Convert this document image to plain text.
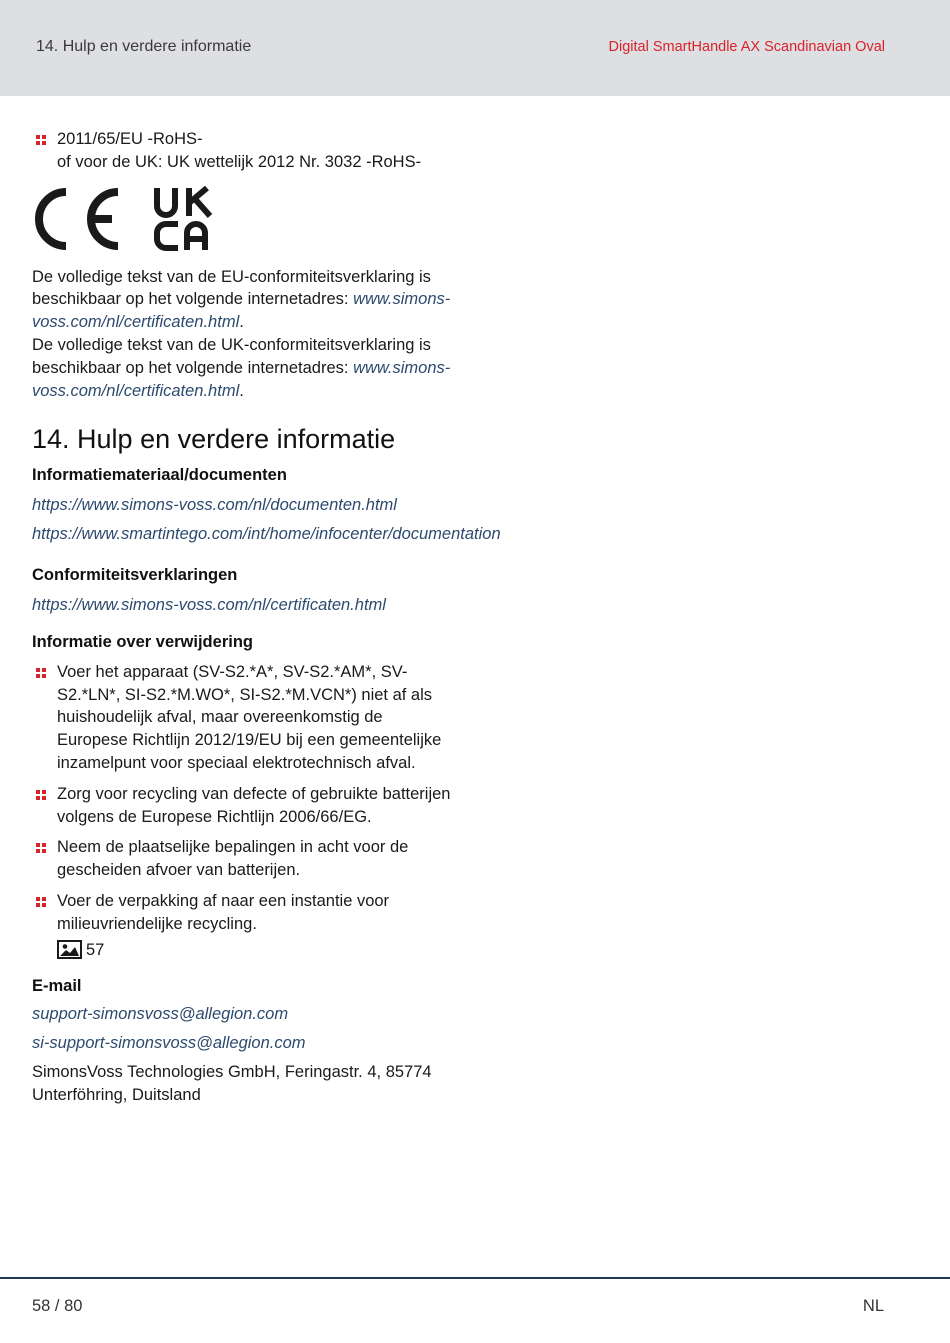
14. Hulp en verdere informatie	Digital SmartHandle AX Scandinavian Oval

2011/65/EU -RoHS-

of voor de UK: UK wettelijk 2012 Nr. 3032 -RoHS-

De volledige tekst van de EU-conformiteitsverklaring is beschikbaar op het volgende internetadres: www.simons-voss.com/nl/certificaten.html.

De volledige tekst van de UK-conformiteitsverklaring is beschikbaar op het volgende internetadres: www.simons-voss.com/nl/certificaten.html.

14. Hulp en verdere informatie

Informatiemateriaal/documenten

https://www.simons-voss.com/nl/documenten.html

https://www.smartintego.com/int/home/infocenter/documentation

Conformiteitsverklaringen

https://www.simons-voss.com/nl/certificaten.html

Informatie over verwijdering

Voer het apparaat (SV-S2.*A*, SV-S2.*AM*, SV-S2.*LN*, SI-S2.*M.WO*, SI-S2.*M.VCN*) niet af als huishoudelijk afval, maar overeenkomstig de Europese Richtlijn 2012/19/EU bij een gemeentelijke inzamelpunt voor speciaal elektrotechnisch afval.

Zorg voor recycling van defecte of gebruikte batterijen volgens de Europese Richtlijn 2006/66/EG.

Neem de plaatselijke bepalingen in acht voor de gescheiden afvoer van batterijen.

Voer de verpakking af naar een instantie voor milieuvriendelijke recycling.

57

E-mail

support-simonsvoss@allegion.com

si-support-simonsvoss@allegion.com

SimonsVoss Technologies GmbH, Feringastr. 4, 85774 Unterföhring, Duitsland

58 / 80	NL
